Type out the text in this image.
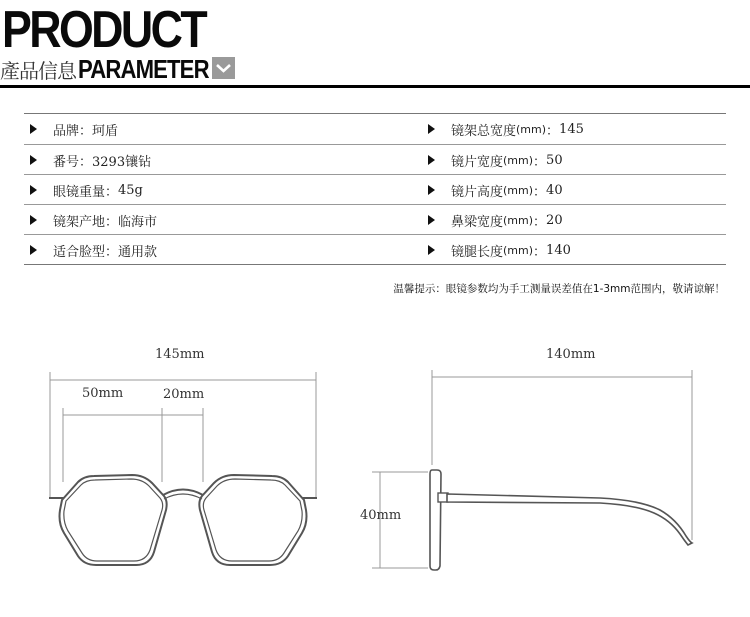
PRODUCT
產品信息 PARAMETER
品牌： 珂盾	镜架总宽度 (mm) ： 145
番号： 3293镶钻	镜片宽度 (mm) ： 50
眼镜重量： 45g	镜片高度 (mm) ： 40
镜架产地： 临海市	鼻梁宽度 (mm) ： 20
适合脸型： 通用款	镜腿长度 (mm) ： 140
温馨提示：眼镜参数均为手工测量误差值在1-3mm范围内，敬请谅解！
145mm
50mm	20mm
140mm
40mm
